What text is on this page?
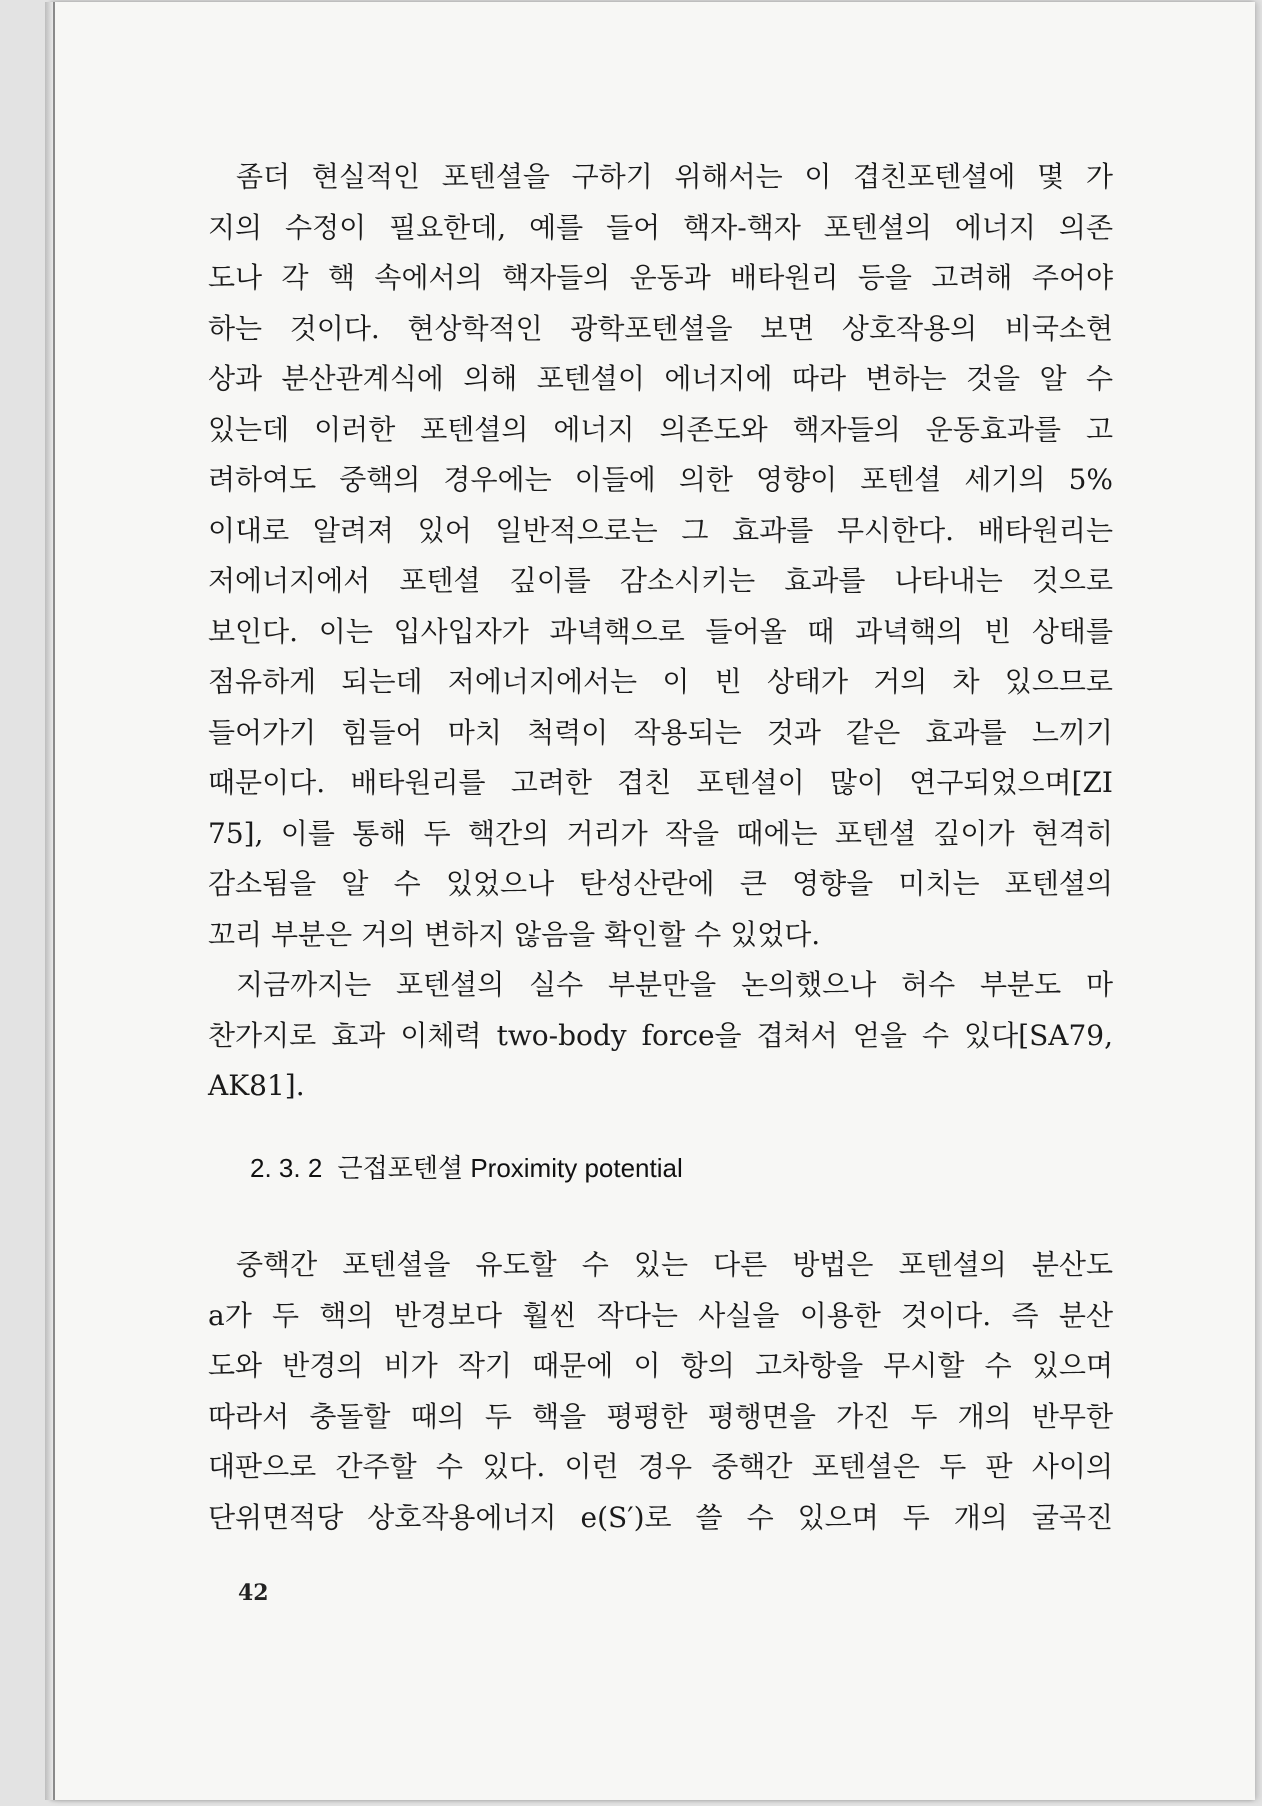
좀더 현실적인 포텐셜을 구하기 위해서는 이 겹친포텐셜에 몇 가
지의 수정이 필요한데, 예를 들어 핵자-핵자 포텐셜의 에너지 의존
도나 각 핵 속에서의 핵자들의 운동과 배타원리 등을 고려해 주어야
하는 것이다. 현상학적인 광학포텐셜을 보면 상호작용의 비국소현
상과 분산관계식에 의해 포텐셜이 에너지에 따라 변하는 것을 알 수
있는데 이러한 포텐셜의 에너지 의존도와 핵자들의 운동효과를 고
려하여도 중핵의 경우에는 이들에 의한 영향이 포텐셜 세기의 5%
이내로 알려져 있어 일반적으로는 그 효과를 무시한다. 배타원리는
저에너지에서 포텐셜 깊이를 감소시키는 효과를 나타내는 것으로
보인다. 이는 입사입자가 과녁핵으로 들어올 때 과녁핵의 빈 상태를
점유하게 되는데 저에너지에서는 이 빈 상태가 거의 차 있으므로
들어가기 힘들어 마치 척력이 작용되는 것과 같은 효과를 느끼기
때문이다. 배타원리를 고려한 겹친 포텐셜이 많이 연구되었으며[ZI
75], 이를 통해 두 핵간의 거리가 작을 때에는 포텐셜 깊이가 현격히
감소됨을 알 수 있었으나 탄성산란에 큰 영향을 미치는 포텐셜의
꼬리 부분은 거의 변하지 않음을 확인할 수 있었다.
지금까지는 포텐셜의 실수 부분만을 논의했으나 허수 부분도 마
찬가지로 효과 이체력 two-body force을 겹쳐서 얻을 수 있다[SA79,
AK81].
2. 3. 2 근접포텐셜 Proximity potential
중핵간 포텐셜을 유도할 수 있는 다른 방법은 포텐셜의 분산도
a가 두 핵의 반경보다 훨씬 작다는 사실을 이용한 것이다. 즉 분산
도와 반경의 비가 작기 때문에 이 항의 고차항을 무시할 수 있으며
따라서 충돌할 때의 두 핵을 평평한 평행면을 가진 두 개의 반무한
대판으로 간주할 수 있다. 이런 경우 중핵간 포텐셜은 두 판 사이의
단위면적당 상호작용에너지 e(S′)로 쓸 수 있으며 두 개의 굴곡진
42
